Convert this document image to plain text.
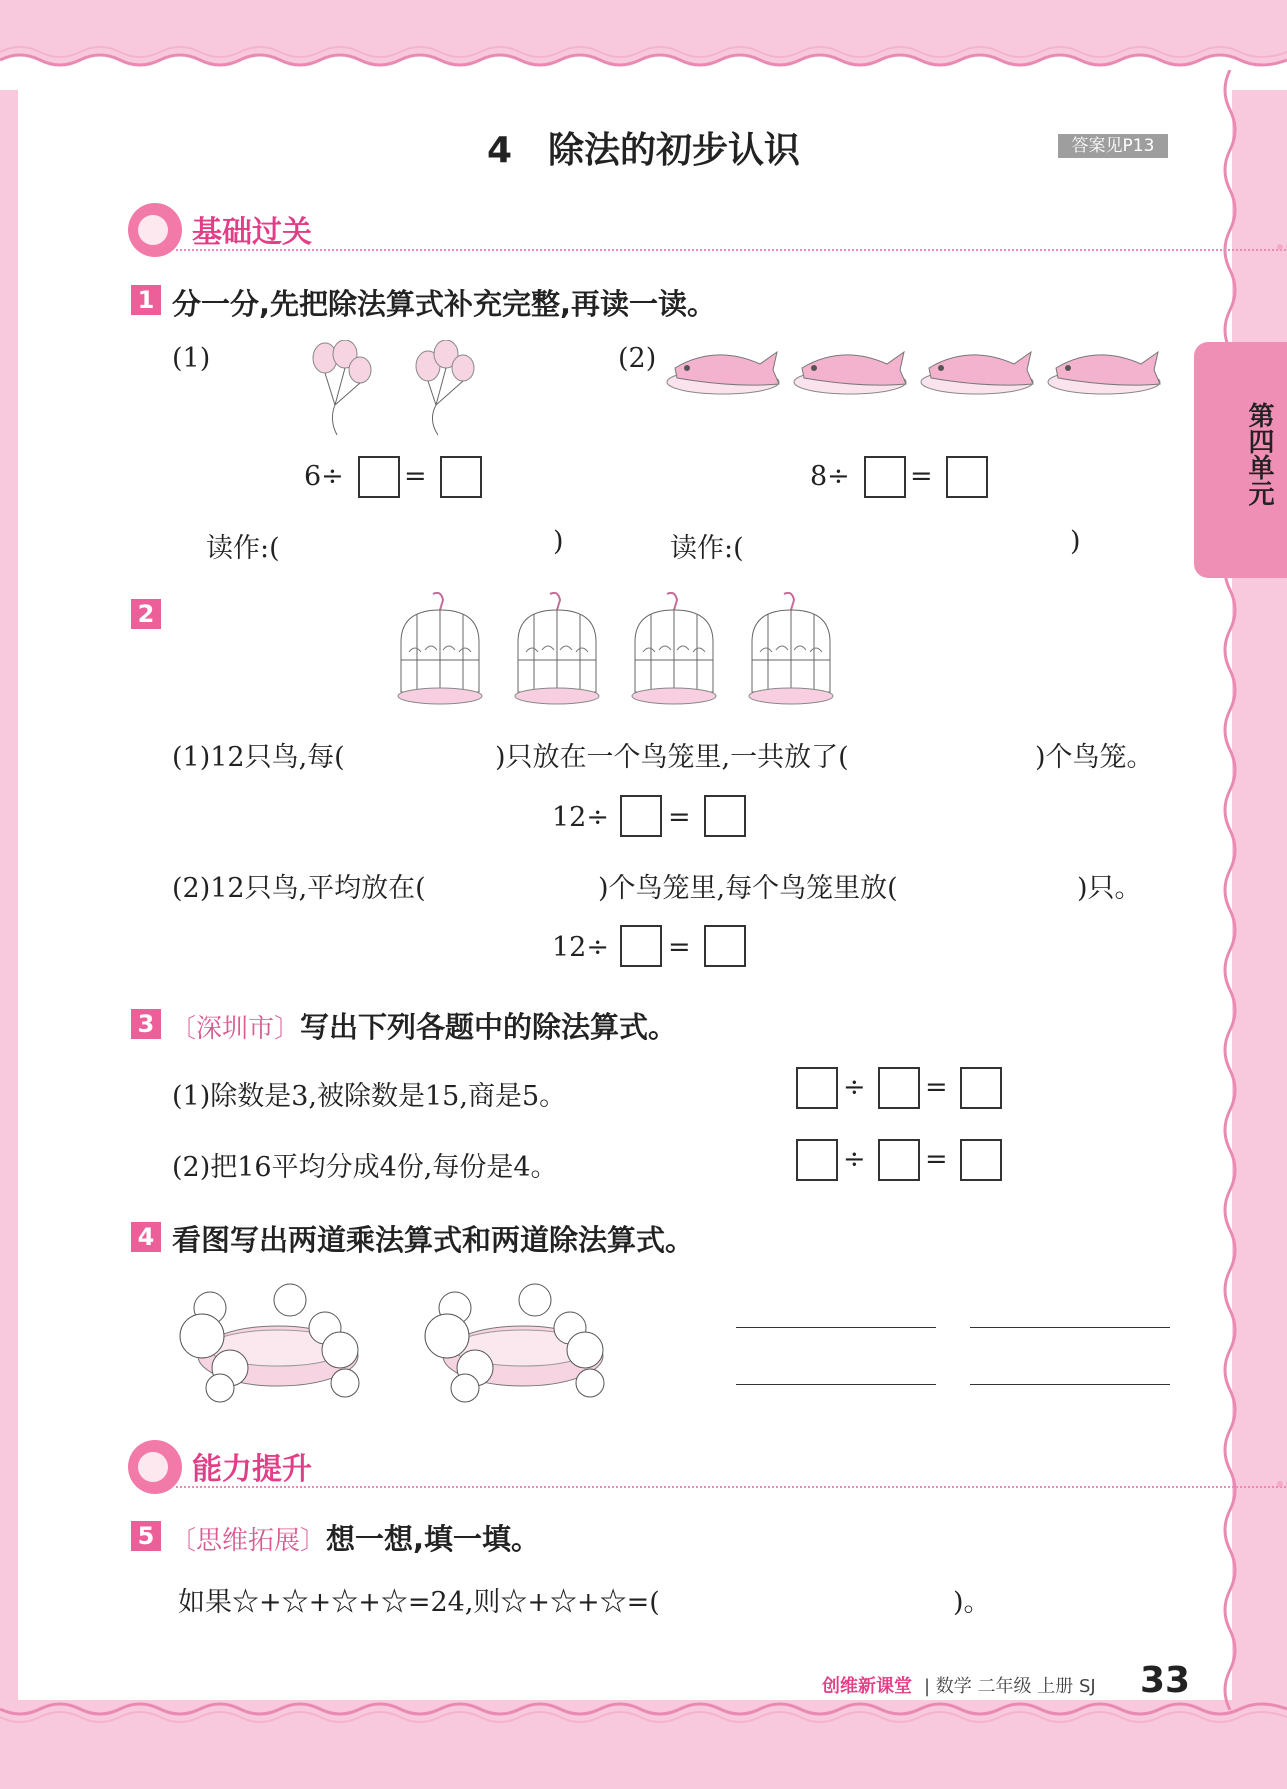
第四单元
4　除法的初步认识	答案见P13
基础过关
1 分一分,先把除法算式补充完整,再读一读。
(1)	(2)
6÷ =	8÷ =
读作:(	)	读作:(	)
2
(1)12只鸟,每(	)只放在一个鸟笼里,一共放了(	)个鸟笼。
12÷ =
(2)12只鸟,平均放在(	)个鸟笼里,每个鸟笼里放(	)只。
12÷ =
3 〔深圳市〕写出下列各题中的除法算式。
(1)除数是3,被除数是15,商是5。	÷ =
(2)把16平均分成4份,每份是4。	÷ =
4 看图写出两道乘法算式和两道除法算式。
能力提升
5 〔思维拓展〕想一想,填一填。
如果☆+☆+☆+☆=24,则☆+☆+☆=(	)。
创维新课堂 | 数学 二年级 上册 SJ 33
